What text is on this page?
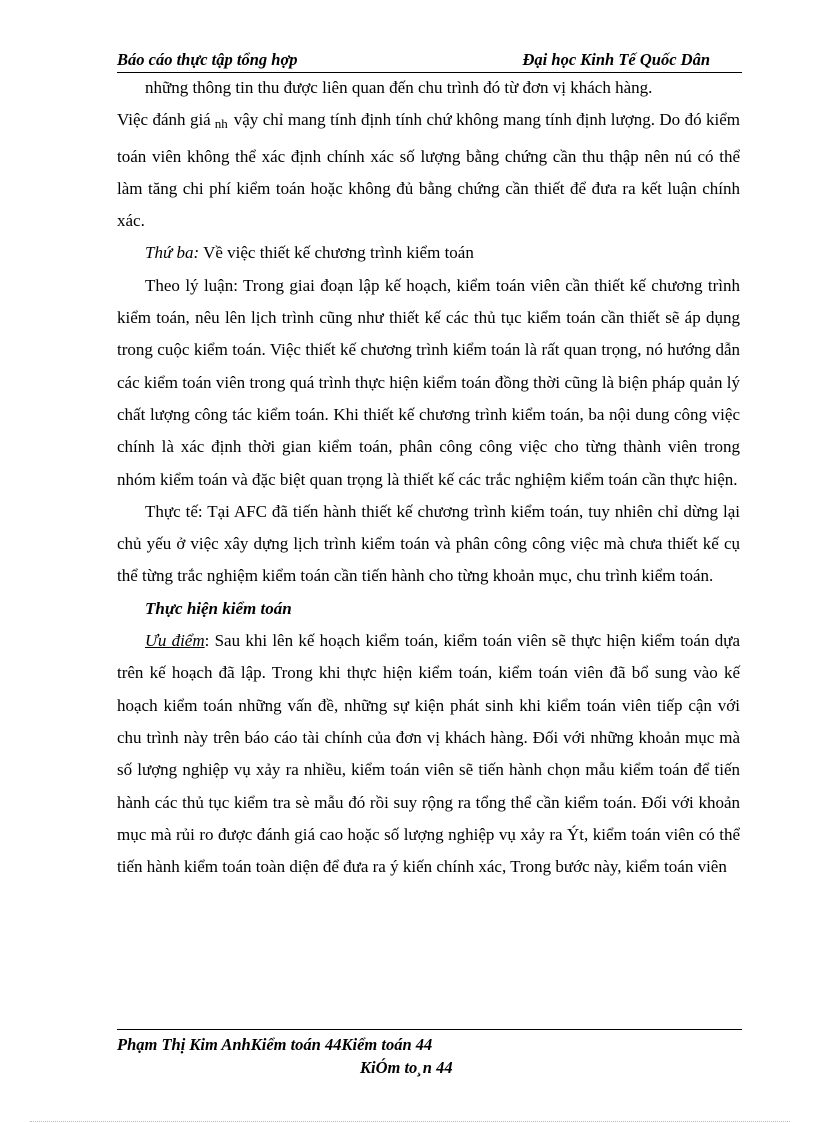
Báo cáo thực tập tổng hợp	Đại học Kinh Tế Quốc Dân

những thông tin thu được liên quan đến chu trình đó từ đơn vị khách hàng.

Việc đánh giá $_{nh}$ vậy chỉ mang tính định tính chứ không mang tính định lượng. Do đó kiểm toán viên không thể xác định chính xác số lượng bằng chứng cần thu thập nên nú có thể làm tăng chi phí kiểm toán hoặc không đủ bằng chứng cần thiết để đưa ra kết luận chính xác.

Thứ ba: Về việc thiết kế chương trình kiểm toán

Theo lý luận: Trong giai đoạn lập kế hoạch, kiểm toán viên cần thiết kế chương trình kiểm toán, nêu lên lịch trình cũng như thiết kế các thủ tục kiểm toán cần thiết sẽ áp dụng trong cuộc kiểm toán. Việc thiết kế chương trình kiểm toán là rất quan trọng, nó hướng dẫn các kiểm toán viên trong quá trình thực hiện kiểm toán đồng thời cũng là biện pháp quản lý chất lượng công tác kiểm toán. Khi thiết kế chương trình kiểm toán, ba nội dung công việc chính là xác định thời gian kiểm toán, phân công công việc cho từng thành viên trong nhóm kiểm toán và đặc biệt quan trọng là thiết kế các trắc nghiệm kiểm toán cần thực hiện.

Thực tế: Tại AFC đã tiến hành thiết kế chương trình kiểm toán, tuy nhiên chỉ dừng lại chủ yếu ở việc xây dựng lịch trình kiểm toán và phân công công việc mà chưa thiết kế cụ thể từng trắc nghiệm kiểm toán cần tiến hành cho từng khoản mục, chu trình kiểm toán.

Thực hiện kiểm toán

Ưu điểm: Sau khi lên kế hoạch kiểm toán, kiểm toán viên sẽ thực hiện kiểm toán dựa trên kế hoạch đã lập. Trong khi thực hiện kiểm toán, kiểm toán viên đã bổ sung vào kế hoạch kiểm toán những vấn đề, những sự kiện phát sinh khi kiểm toán viên tiếp cận với chu trình này trên báo cáo tài chính của đơn vị khách hàng. Đối với những khoản mục mà số lượng nghiệp vụ xảy ra nhiều, kiểm toán viên sẽ tiến hành chọn mẫu kiểm toán để tiến hành các thủ tục kiểm tra sè mẫu đó rồi suy rộng ra tổng thể cần kiểm toán. Đối với khoản mục mà rủi ro được đánh giá cao hoặc số lượng nghiệp vụ xảy ra Ýt, kiểm toán viên có thể tiến hành kiểm toán toàn diện để đưa ra ý kiến chính xác, Trong bước này, kiểm toán viên

Phạm Thị Kim AnhKiểm toán 44Kiểm toán 44
KiÓm to¸n 44
